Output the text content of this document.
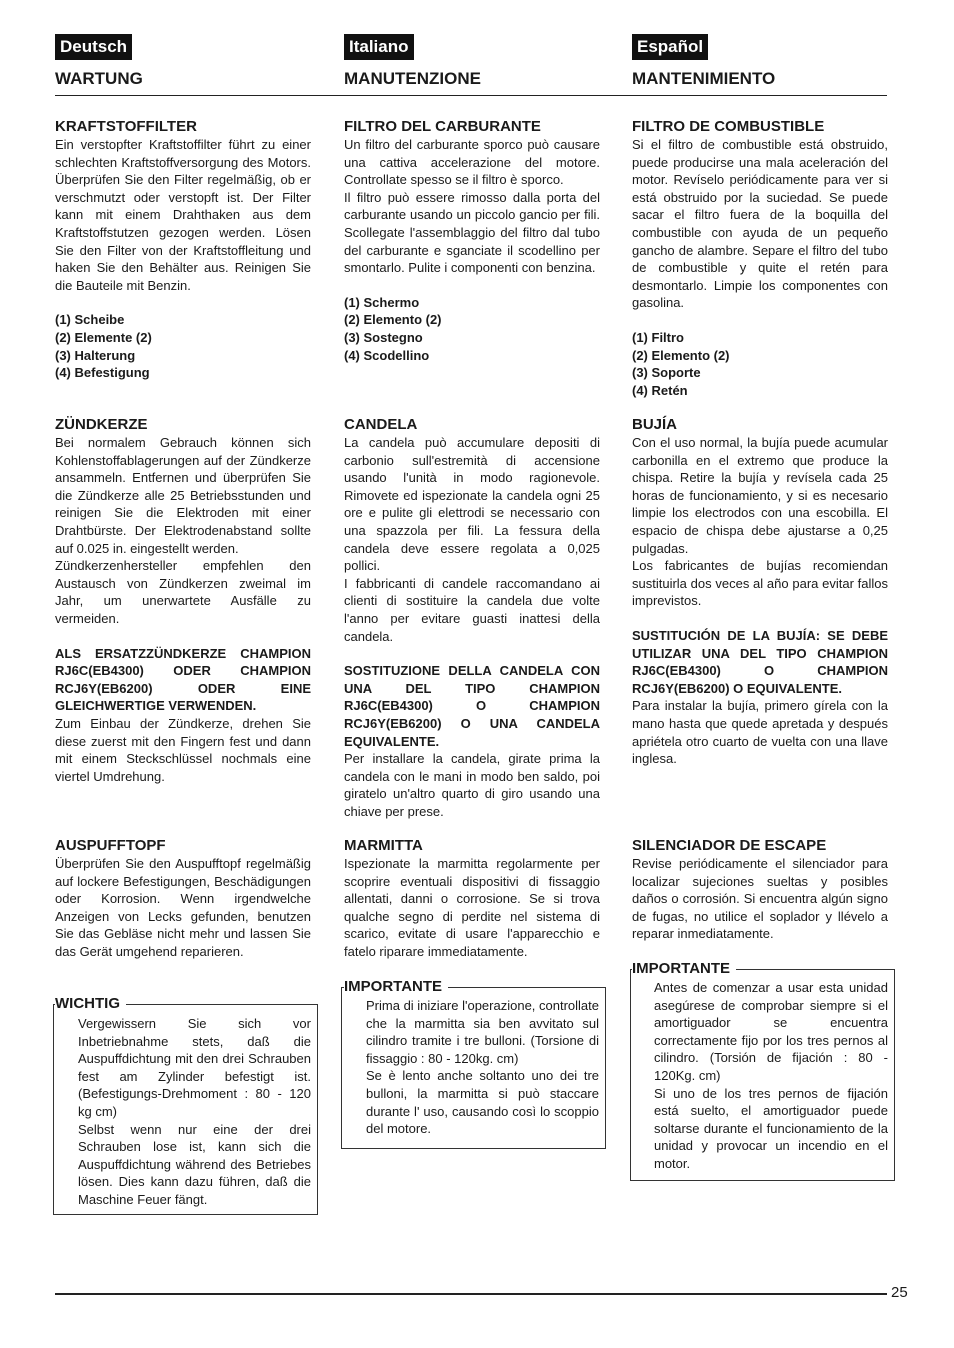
Deutsch
WARTUNG
KRAFTSTOFFILTER

Ein verstopfter Kraftstoffilter führt zu einer schlechten Kraftstoffversorgung des Motors. Überprüfen Sie den Filter regelmäßig, ob er verschmutzt oder verstopft ist. Der Filter kann mit einem Drahthaken aus dem Kraftstoffstutzen gezogen werden. Lösen Sie den Filter von der Kraftstoffleitung und haken Sie den Behälter aus. Reinigen Sie die Bauteile mit Benzin.

(1) Scheibe
(2) Elemente (2)
(3) Halterung
(4) Befestigung
ZÜNDKERZE

Bei normalem Gebrauch können sich Kohlenstoffablagerungen auf der Zündkerze ansammeln. Entfernen und überprüfen Sie die Zündkerze alle 25 Betriebsstunden und reinigen Sie die Elektroden mit einer Drahtbürste. Der Elektrodenabstand sollte auf 0.025 in. eingestellt werden.

Zündkerzenhersteller empfehlen den Austausch von Zündkerzen zweimal im Jahr, um unerwartete Ausfälle zu vermeiden.

ALS ERSATZZÜNDKERZE CHAMPION RJ6C(EB4300) ODER CHAMPION RCJ6Y(EB6200) ODER EINE GLEICHWERTIGE VERWENDEN.

Zum Einbau der Zündkerze, drehen Sie diese zuerst mit den Fingern fest und dann mit einem Steckschlüssel nochmals eine viertel Umdrehung.

AUSPUFFTOPF

Überprüfen Sie den Auspufftopf regelmäßig auf lockere Befestigungen, Beschädigungen oder Korrosion. Wenn irgendwelche Anzeigen von Lecks gefunden, benutzen Sie das Gebläse nicht mehr und lassen Sie das Gerät umgehend reparieren.

Vergewissern Sie sich vor Inbetriebnahme stets, daß die Auspuffdichtung mit den drei Schrauben fest am Zylinder befestigt ist. (Befestigungs-Drehmoment : 80 - 120 kg cm)

Selbst wenn nur eine der drei Schrauben lose ist, kann sich die Auspuffdichtung während des Betriebes lösen. Dies kann dazu führen, daß die Maschine Feuer fängt.

WICHTIG
Italiano
MANUTENZIONE
FILTRO DEL CARBURANTE

Un filtro del carburante sporco può causare una cattiva accelerazione del motore. Controllate spesso se il filtro è sporco.
Il filtro può essere rimosso dalla porta del carburante usando un piccolo gancio per fili. Scollegate l'assemblaggio del filtro dal tubo del carburante e sganciate il scodellino per smontarlo. Pulite i componenti con benzina.

(1) Schermo
(2) Elemento (2)
(3) Sostegno
(4) Scodellino
CANDELA

La candela può accumulare depositi di carbonio sull'estremità di accensione usando l'unità in modo ragionevole. Rimovete ed ispezionate la candela ogni 25 ore e pulite gli elettrodi se necessario con una spazzola per fili. La fessura della candela deve essere regolata a 0,025 pollici.

I fabbricanti di candele raccomandano ai clienti di sostituire la candela due volte l'anno per evitare guasti inattesi della candela.

SOSTITUZIONE DELLA CANDELA CON UNA DEL TIPO CHAMPION RJ6C(EB4300) O CHAMPION RCJ6Y(EB6200) O UNA CANDELA EQUIVALENTE.

Per installare la candela, girate prima la candela con le mani in modo ben saldo, poi giratelo un'altro quarto di giro usando una chiave per prese.

MARMITTA

Ispezionate la marmitta regolarmente per scoprire eventuali dispositivi di fissaggio allentati, danni o corrosione. Se si trova qualche segno di perdite nel sistema di scarico, evitate di usare l'apparecchio e fatelo riparare immediatamente.

Prima di iniziare l'operazione, controllate che la marmitta sia ben avvitato sul cilindro tramite i tre bulloni. (Torsione di fissaggio : 80 - 120kg. cm)

Se è lento anche soltanto uno dei tre bulloni, la marmitta si può staccare durante l' uso, causando così lo scoppio del motore.

IMPORTANTE
Español
MANTENIMIENTO
FILTRO DE COMBUSTIBLE

Si el filtro de combustible está obstruido, puede producirse una mala aceleración del motor. Revíselo periódicamente para ver si está obstruido por la suciedad. Se puede sacar el filtro fuera de la boquilla del combustible con ayuda de un pequeño gancho de alambre. Separe el filtro del tubo de combustible y quite el retén para desmontarlo. Limpie los componentes con gasolina.

(1) Filtro
(2) Elemento (2)
(3) Soporte
(4) Retén
BUJÍA

Con el uso normal, la bujía puede acumular carbonilla en el extremo que produce la chispa. Retire la bujía y revísela cada 25 horas de funcionamiento, y si es necesario limpie los electrodos con una escobilla. El espacio de chispa debe ajustarse a 0,25 pulgadas.

Los fabricantes de bujías recomiendan sustituirla dos veces al año para evitar fallos imprevistos.

SUSTITUCIÓN DE LA BUJÍA: SE DEBE UTILIZAR UNA DEL TIPO CHAMPION RJ6C(EB4300) O CHAMPION RCJ6Y(EB6200) O EQUIVALENTE.

Para instalar la bujía, primero gírela con la mano hasta que quede apretada y después apriétela otro cuarto de vuelta con una llave inglesa.

SILENCIADOR DE ESCAPE

Revise periódicamente el silenciador para localizar sujeciones sueltas y posibles daños o corrosión. Si encuentra algún signo de fugas, no utilice el soplador y llévelo a reparar inmediatamente.

Antes de comenzar a usar esta unidad asegúrese de comprobar siempre si el amortiguador se encuentra correctamente fijo por los tres pernos al cilindro. (Torsión de fijación : 80 - 120Kg. cm)

Si uno de los tres pernos de fijación está suelto, el amortiguador puede soltarse durante el funcionamiento de la unidad y provocar un incendio en el motor.

IMPORTANTE
25
